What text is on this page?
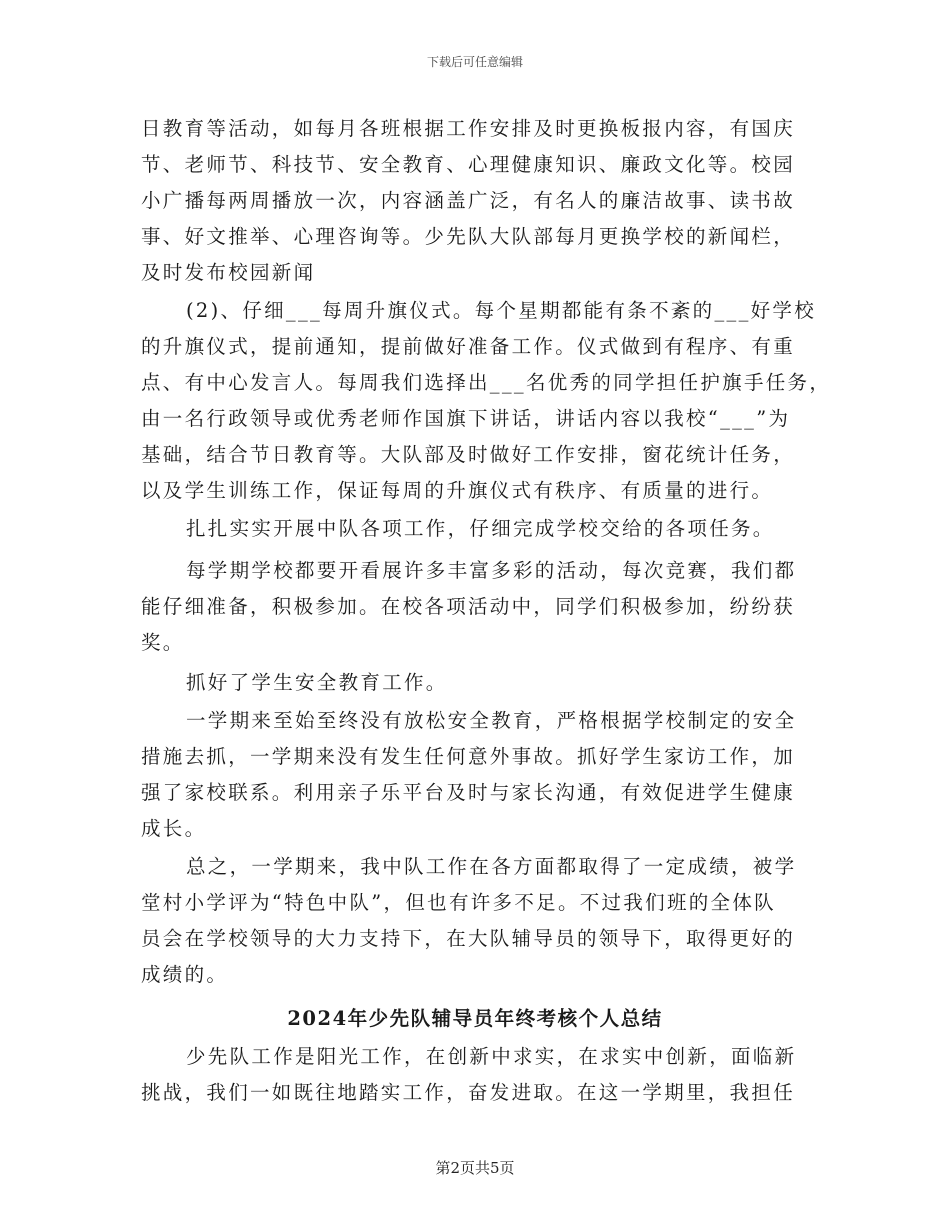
下载后可任意编辑
日教育等活动，如每月各班根据工作安排及时更换板报内容，有国庆
节、老师节、科技节、安全教育、心理健康知识、廉政文化等。校园
小广播每两周播放一次，内容涵盖广泛，有名人的廉洁故事、读书故
事、好文推举、心理咨询等。少先队大队部每月更换学校的新闻栏，
及时发布校园新闻
(2)、仔细___每周升旗仪式。每个星期都能有条不紊的___好学校
的升旗仪式，提前通知，提前做好准备工作。仪式做到有程序、有重
点、有中心发言人。每周我们选择出___名优秀的同学担任护旗手任务，
由一名行政领导或优秀老师作国旗下讲话，讲话内容以我校“___”为
基础，结合节日教育等。大队部及时做好工作安排，窗花统计任务，
以及学生训练工作，保证每周的升旗仪式有秩序、有质量的进行。
扎扎实实开展中队各项工作，仔细完成学校交给的各项任务。
每学期学校都要开看展许多丰富多彩的活动，每次竞赛，我们都
能仔细准备，积极参加。在校各项活动中，同学们积极参加，纷纷获
奖。
抓好了学生安全教育工作。
一学期来至始至终没有放松安全教育，严格根据学校制定的安全
措施去抓，一学期来没有发生任何意外事故。抓好学生家访工作，加
强了家校联系。利用亲子乐平台及时与家长沟通，有效促进学生健康
成长。
总之，一学期来，我中队工作在各方面都取得了一定成绩，被学
堂村小学评为“特色中队”，但也有许多不足。不过我们班的全体队
员会在学校领导的大力支持下，在大队辅导员的领导下，取得更好的
成绩的。
2024年少先队辅导员年终考核个人总结
少先队工作是阳光工作，在创新中求实，在求实中创新，面临新
挑战，我们一如既往地踏实工作，奋发进取。在这一学期里，我担任
第2页共5页
